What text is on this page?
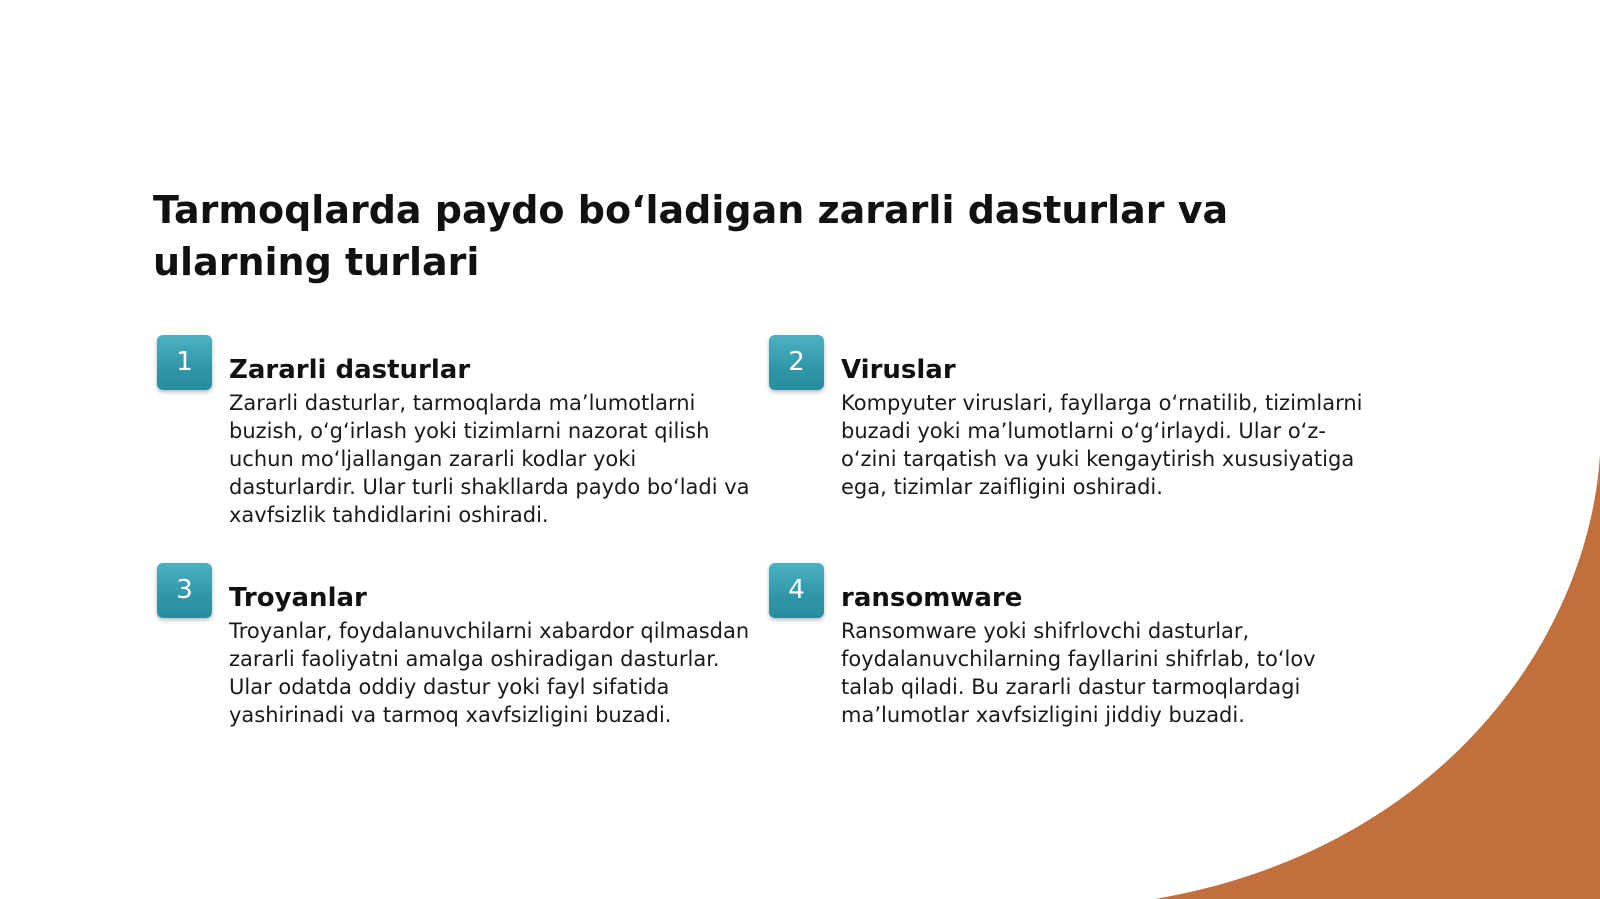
Tarmoqlarda paydo bo‘ladigan zararli dasturlar va ularning turlari
1	Zararli dasturlar

Zararli dasturlar, tarmoqlarda ma’lumotlarni buzish, o‘g‘irlash yoki tizimlarni nazorat qilish uchun mo‘ljallangan zararli kodlar yoki dasturlardir. Ular turli shakllarda paydo bo‘ladi va xavfsizlik tahdidlarini oshiradi.

2	Viruslar

Kompyuter viruslari, fayllarga o‘rnatilib, tizimlarni buzadi yoki ma’lumotlarni o‘g‘irlaydi. Ular o‘z-o‘zini tarqatish va yuki kengaytirish xususiyatiga ega, tizimlar zaifligini oshiradi.

3	Troyanlar

Troyanlar, foydalanuvchilarni xabardor qilmasdan zararli faoliyatni amalga oshiradigan dasturlar. Ular odatda oddiy dastur yoki fayl sifatida yashirinadi va tarmoq xavfsizligini buzadi.

4	ransomware

Ransomware yoki shifrlovchi dasturlar, foydalanuvchilarning fayllarini shifrlab, to‘lov talab qiladi. Bu zararli dastur tarmoqlardagi ma’lumotlar xavfsizligini jiddiy buzadi.
